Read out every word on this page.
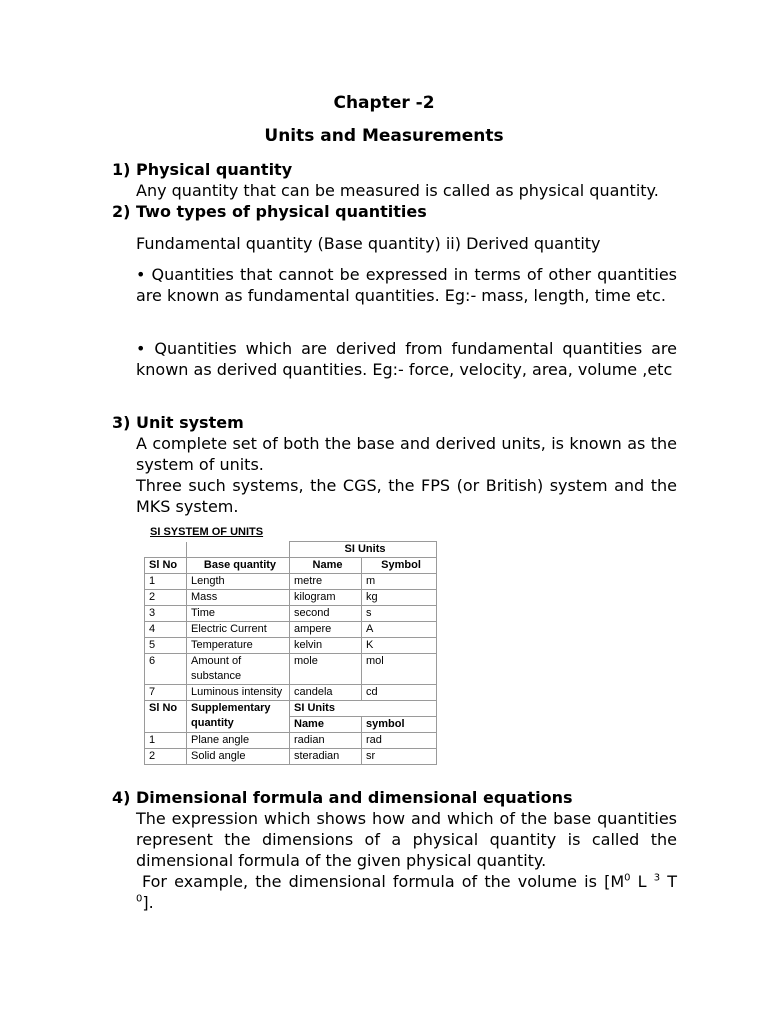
Chapter -2
Units and Measurements
1) Physical quantity

Any quantity that can be measured is called as physical quantity.

2) Two types of physical quantities

Fundamental quantity (Base quantity) ii) Derived quantity

• Quantities that cannot be expressed in terms of other quantities are known as fundamental quantities. Eg:- mass, length, time etc.

• Quantities which are derived from fundamental quantities are known as derived quantities. Eg:- force, velocity, area, volume ,etc

3) Unit system

A complete set of both the base and derived units, is known as the system of units.

Three such systems, the CGS, the FPS (or British) system and the MKS system.

SI SYSTEM OF UNITS
		SI Units	
Sl No	Base quantity	Name	Symbol
1	Length	metre	m
2	Mass	kilogram	kg
3	Time	second	s
4	Electric Current	ampere	A
5	Temperature	kelvin	K
6	Amount of substance	mole	mol
7	Luminous intensity	candela	cd
Sl No	Supplementary quantity	SI Units	
		Name	symbol
1	Plane angle	radian	rad
2	Solid angle	steradian	sr
4) Dimensional formula and dimensional equations

The expression which shows how and which of the base quantities represent the dimensions of a physical quantity is called the dimensional formula of the given physical quantity.

For example, the dimensional formula of the volume is [$M^0$ L $^3$ T

$^0$].
